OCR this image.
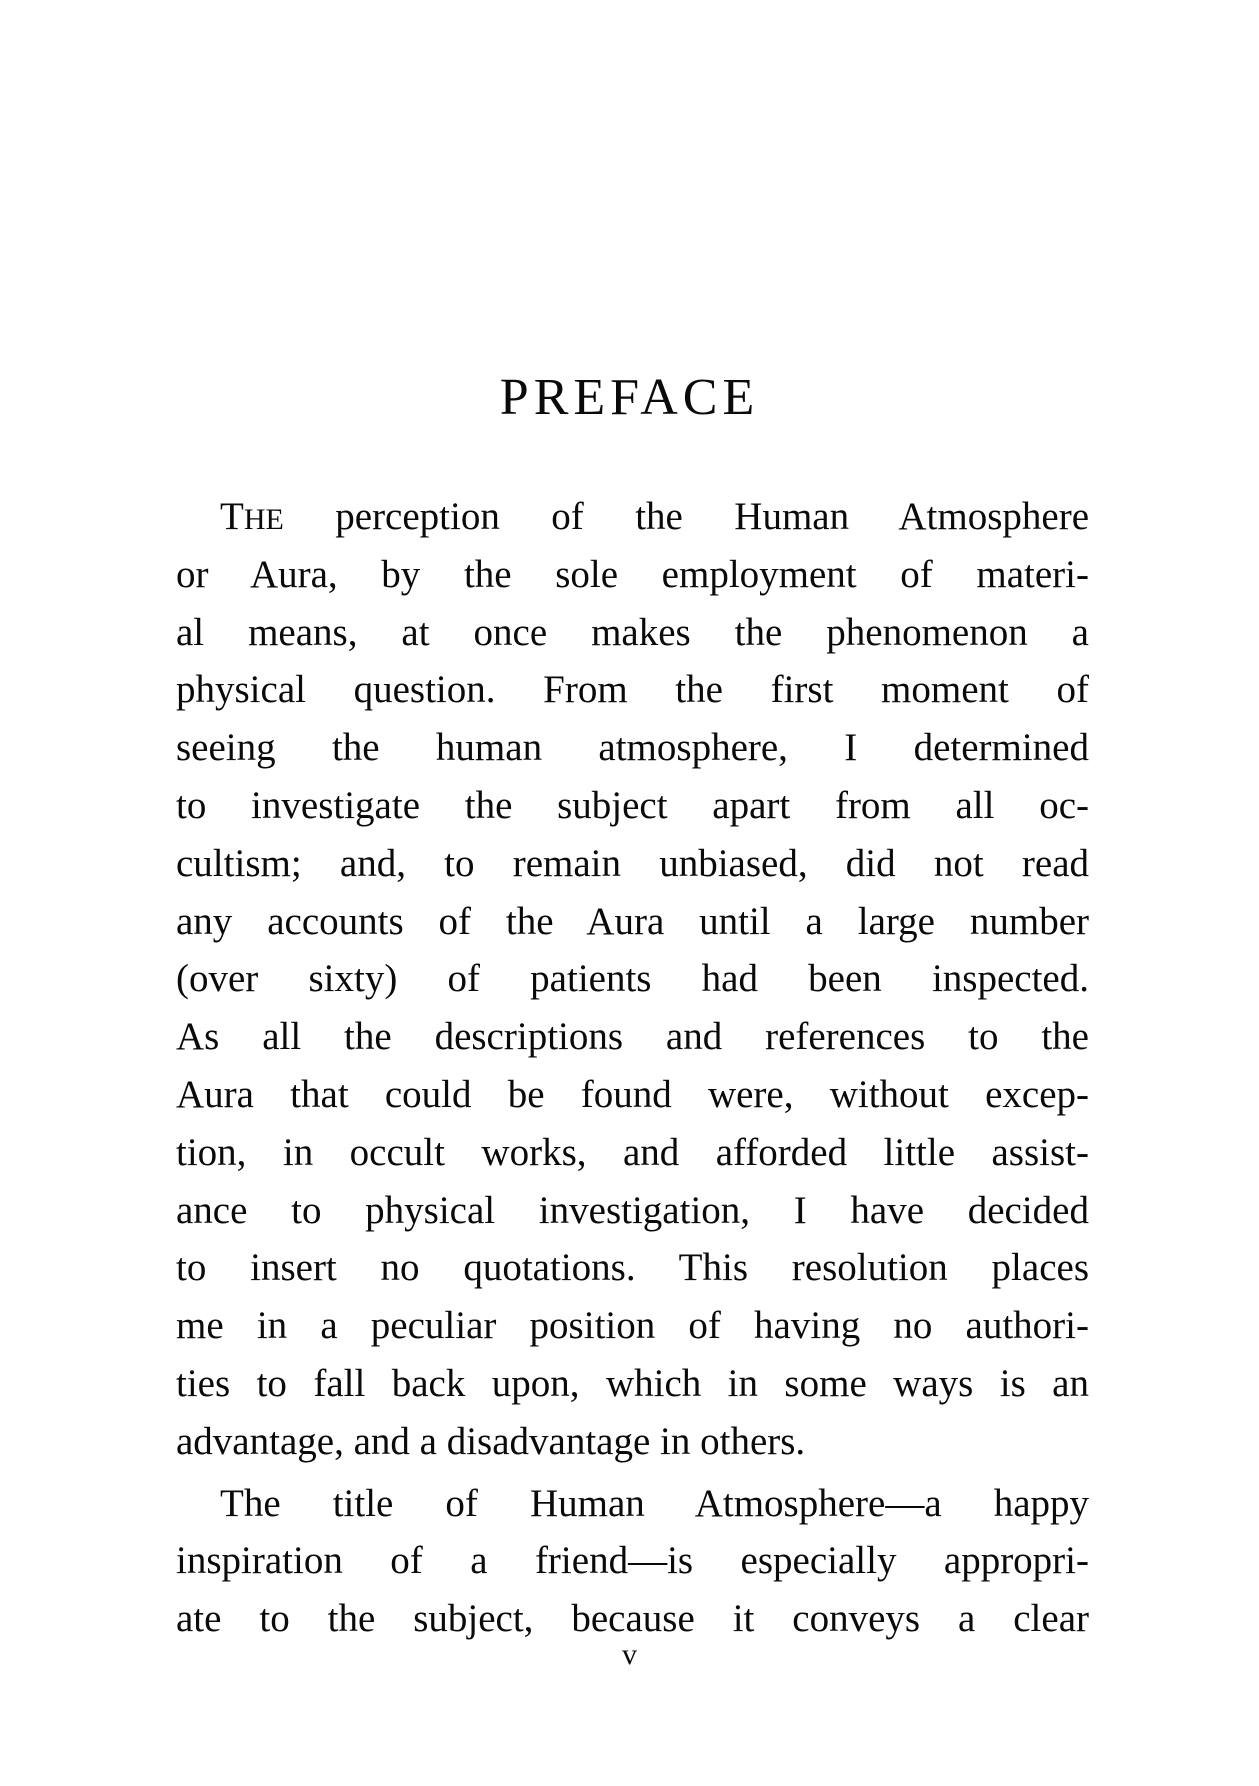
PREFACE
THE perception of the Human Atmosphere
or Aura, by the sole employment of materi-
al means, at once makes the phenomenon a
physical question. From the first moment of
seeing the human atmosphere, I determined
to investigate the subject apart from all oc-
cultism; and, to remain unbiased, did not read
any accounts of the Aura until a large number
(over sixty) of patients had been inspected.
As all the descriptions and references to the
Aura that could be found were, without excep-
tion, in occult works, and afforded little assist-
ance to physical investigation, I have decided
to insert no quotations. This resolution places
me in a peculiar position of having no authori-
ties to fall back upon, which in some ways is an
advantage, and a disadvantage in others.
The title of Human Atmosphere—a happy
inspiration of a friend—is especially appropri-
ate to the subject, because it conveys a clear
v
